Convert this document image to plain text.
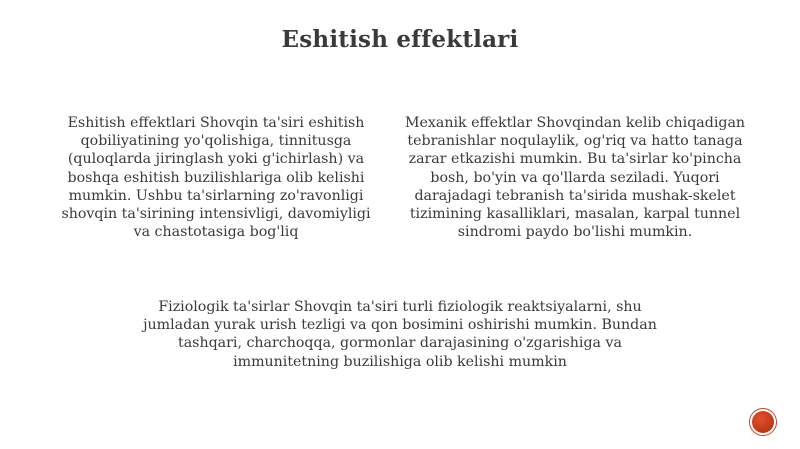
Eshitish effektlari

Eshitish effektlari Shovqin ta'siri eshitish qobiliyatining yo'qolishiga, tinnitusga (quloqlarda jiringlash yoki g'ichirlash) va boshqa eshitish buzilishlariga olib kelishi mumkin. Ushbu ta'sirlarning zo'ravonligi shovqin ta'sirining intensivligi, davomiyligi va chastotasiga bog'liq

Mexanik effektlar Shovqindan kelib chiqadigan tebranishlar noqulaylik, og'riq va hatto tanaga zarar etkazishi mumkin. Bu ta'sirlar ko'pincha bosh, bo'yin va qo'llarda seziladi. Yuqori darajadagi tebranish ta'sirida mushak-skelet tizimining kasalliklari, masalan, karpal tunnel sindromi paydo bo'lishi mumkin.

Fiziologik ta'sirlar Shovqin ta'siri turli fiziologik reaktsiyalarni, shu jumladan yurak urish tezligi va qon bosimini oshirishi mumkin. Bundan tashqari, charchoqqa, gormonlar darajasining o'zgarishiga va immunitetning buzilishiga olib kelishi mumkin
